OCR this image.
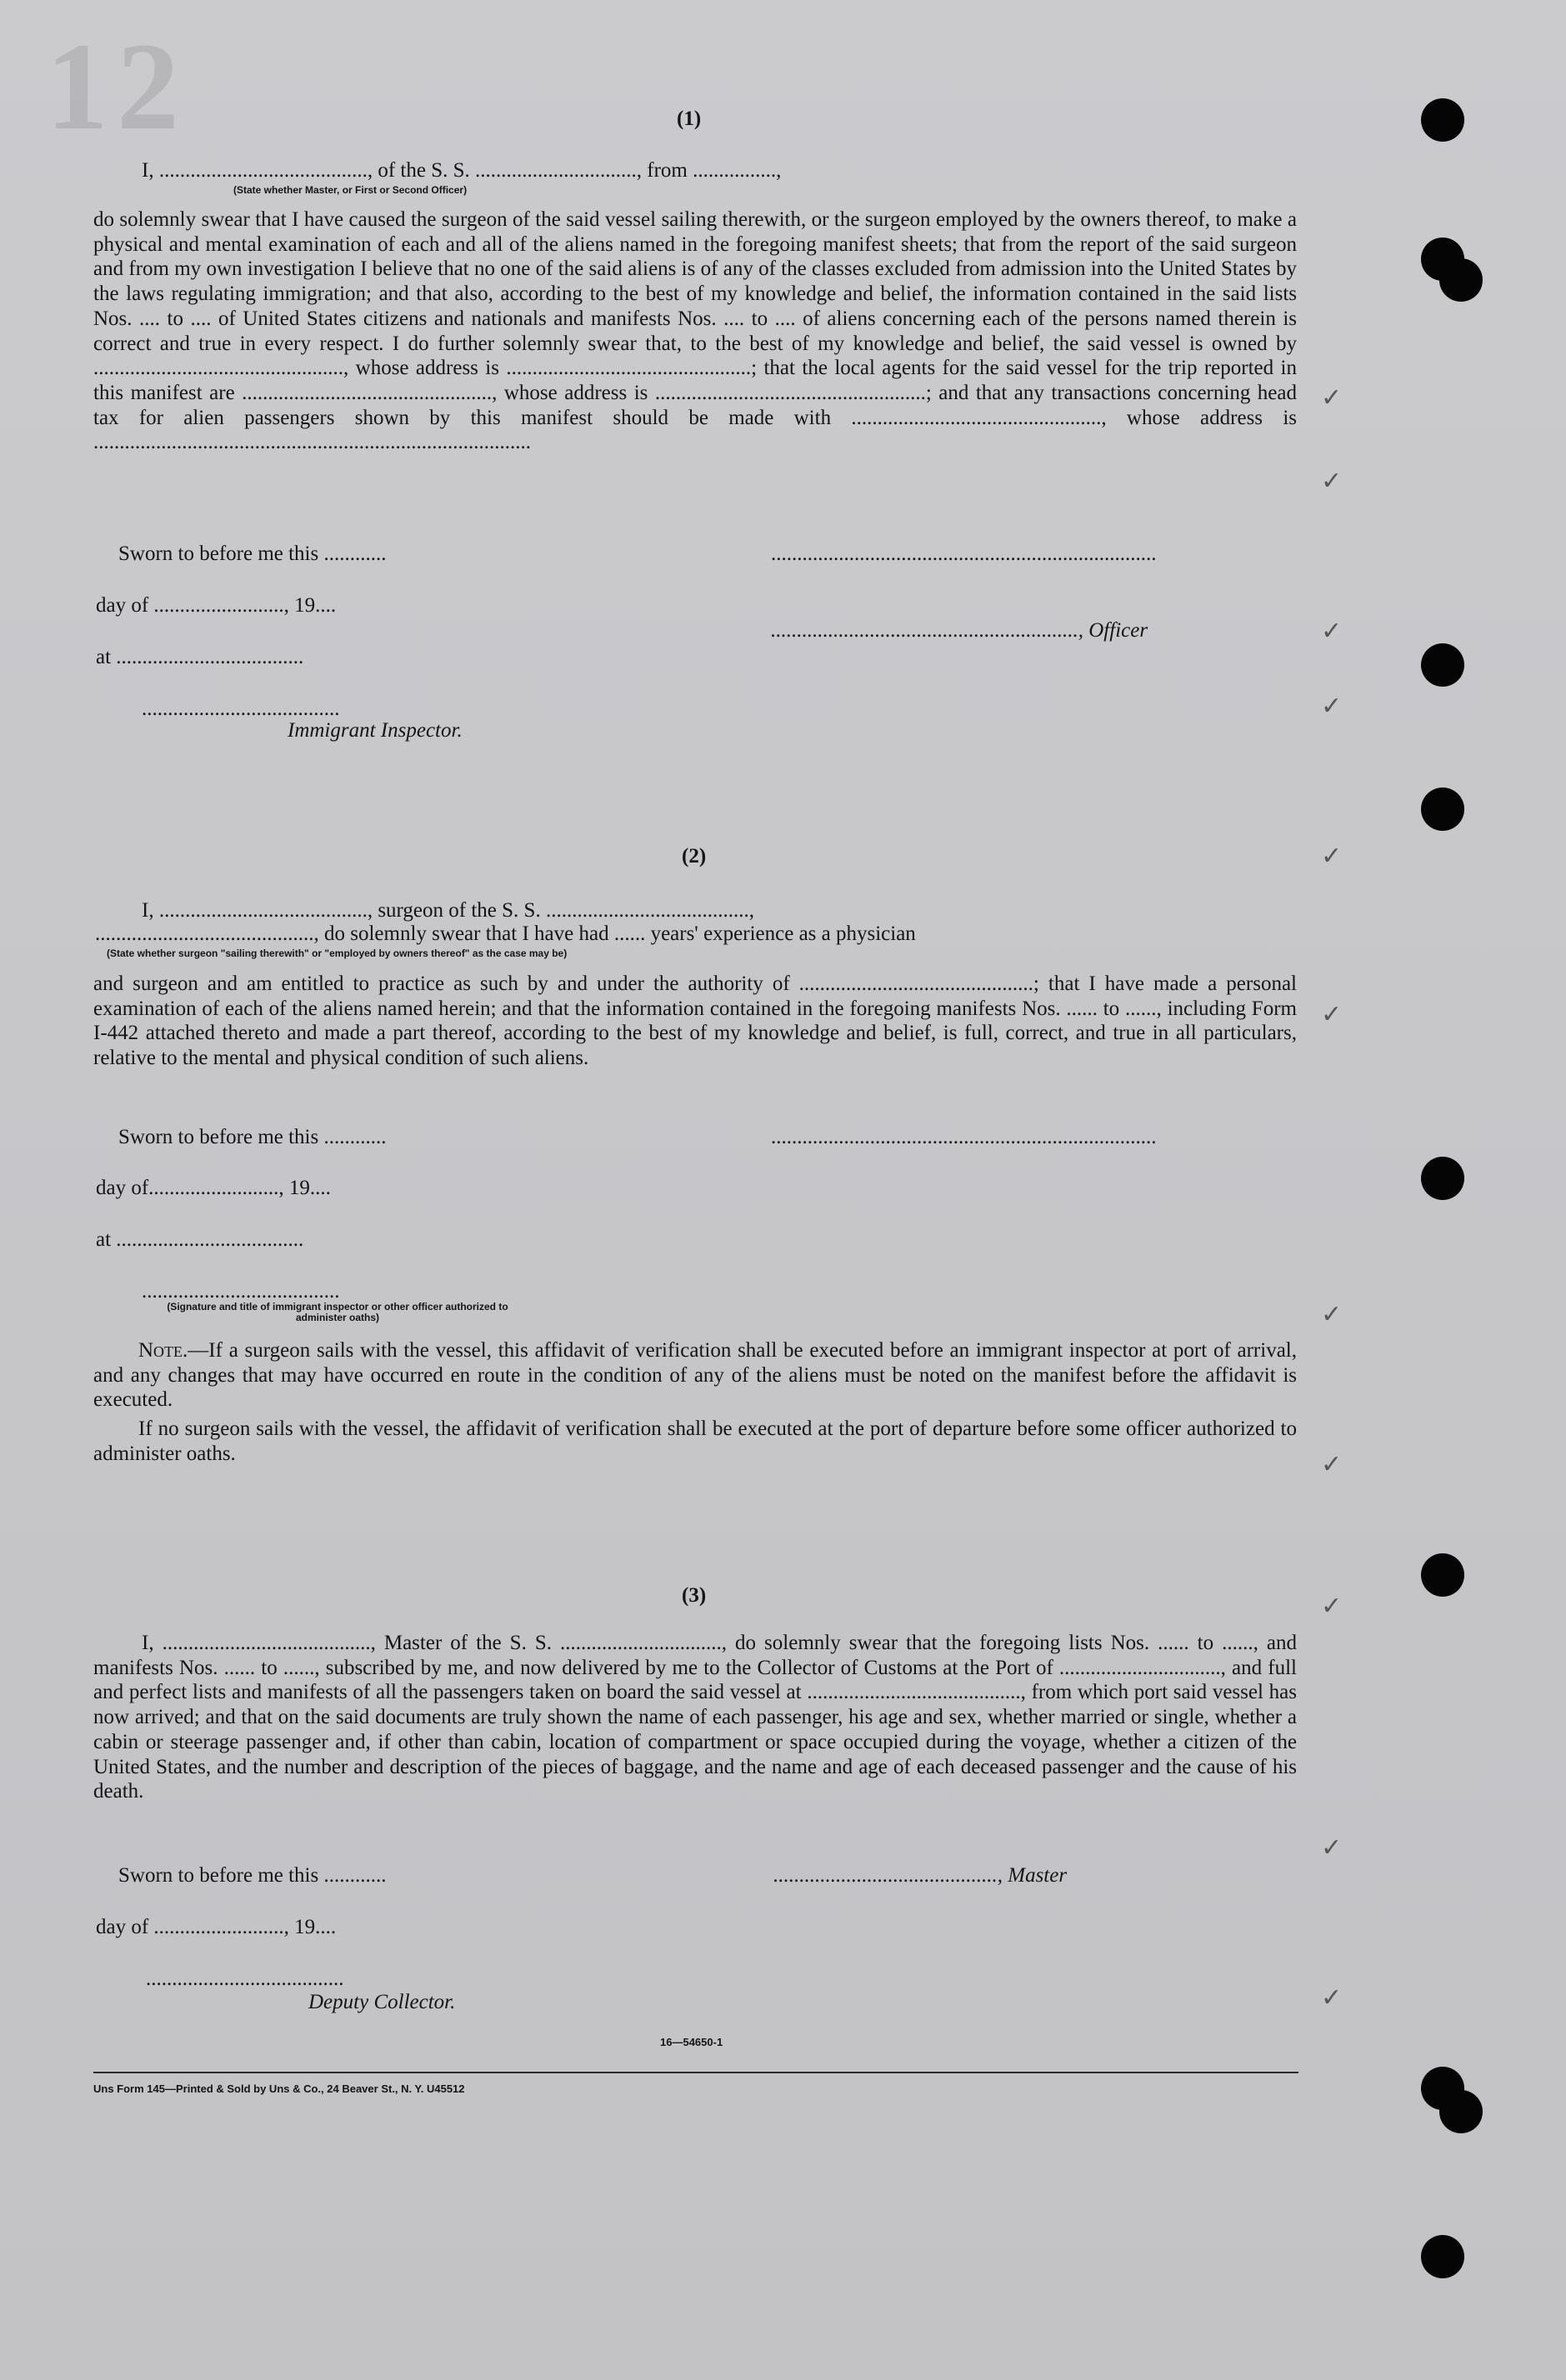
12
✓
✓
✓
✓
✓
✓
✓
✓
✓
✓
✓
(1)
I, ........................................, of the S. S. ..............................., from ................,
(State whether Master, or First or Second Officer)
do solemnly swear that I have caused the surgeon of the said vessel sailing therewith, or the surgeon employed by the owners thereof, to make a physical and mental examination of each and all of the aliens named in the foregoing manifest sheets; that from the report of the said surgeon and from my own investigation I believe that no one of the said aliens is of any of the classes excluded from admission into the United States by the laws regulating immigration; and that also, according to the best of my knowledge and belief, the information contained in the said lists Nos. .... to .... of United States citizens and nationals and manifests Nos. .... to .... of aliens concerning each of the persons named therein is correct and true in every respect. I do further solemnly swear that, to the best of my knowledge and belief, the said vessel is owned by ................................................, whose address is ...............................................; that the local agents for the said vessel for the trip reported in this manifest are ................................................, whose address is ....................................................; and that any transactions concerning head tax for alien passengers shown by this manifest should be made with ................................................, whose address is ....................................................................................
Sworn to before me this ............	..........................................................................
day of ........................., 19....
..........................................................., Officer
at ....................................
......................................
Immigrant Inspector.
(2)
I, ........................................, surgeon of the S. S. .......................................,
.........................................., do solemnly swear that I have had ...... years' experience as a physician
(State whether surgeon "sailing therewith" or "employed by owners thereof" as the case may be)
and surgeon and am entitled to practice as such by and under the authority of .............................................; that I have made a personal examination of each of the aliens named herein; and that the information contained in the foregoing manifests Nos. ...... to ......, including Form I-442 attached thereto and made a part thereof, according to the best of my knowledge and belief, is full, correct, and true in all particulars, relative to the mental and physical condition of such aliens.
Sworn to before me this ............	..........................................................................
day of........................., 19....
at ....................................
......................................
(Signature and title of immigrant inspector or other officer authorized to administer oaths)
Note.—If a surgeon sails with the vessel, this affidavit of verification shall be executed before an immigrant inspector at port of arrival, and any changes that may have occurred en route in the condition of any of the aliens must be noted on the manifest before the affidavit is executed.
If no surgeon sails with the vessel, the affidavit of verification shall be executed at the port of departure before some officer authorized to administer oaths.
(3)
I, ........................................, Master of the S. S. ..............................., do solemnly swear that the foregoing lists Nos. ...... to ......, and manifests Nos. ...... to ......, subscribed by me, and now delivered by me to the Collector of Customs at the Port of ..............................., and full and perfect lists and manifests of all the passengers taken on board the said vessel at ........................................., from which port said vessel has now arrived; and that on the said documents are truly shown the name of each passenger, his age and sex, whether married or single, whether a cabin or steerage passenger and, if other than cabin, location of compartment or space occupied during the voyage, whether a citizen of the United States, and the number and description of the pieces of baggage, and the name and age of each deceased passenger and the cause of his death.
Sworn to before me this ............	..........................................., Master
day of ........................., 19....
......................................
Deputy Collector.
16—54650-1
Uns Form 145—Printed & Sold by Uns & Co., 24 Beaver St., N. Y. U45512
